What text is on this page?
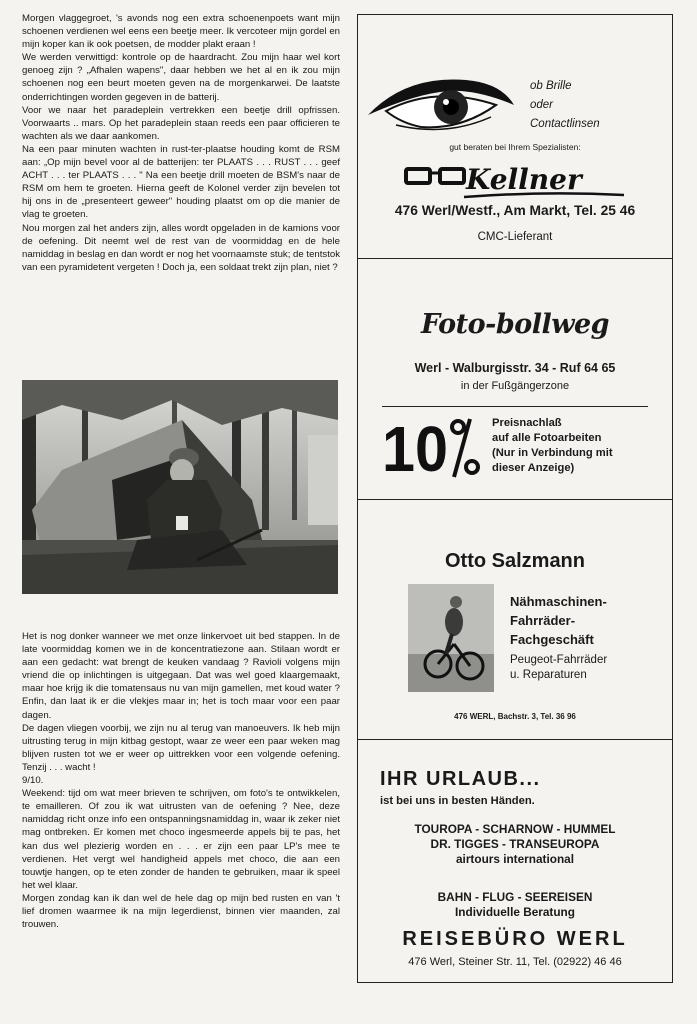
Morgen vlaggegroet, 's avonds nog een extra schoenenpoets want mijn schoenen verdienen wel eens een beetje meer. Ik vercoteer mijn gordel en mijn koper kan ik ook poetsen, de modder plakt eraan !
We werden verwittigd: kontrole op de haardracht. Zou mijn haar wel kort genoeg zijn ? „Afhalen wapens", daar hebben we het al en ik zou mijn schoenen nog een beurt moeten geven na de morgenkarwei. De laatste onderrichtingen worden gegeven in de batterij.
Voor we naar het paradeplein vertrekken een beetje drill opfrissen. Voorwaarts .. mars. Op het paradeplein staan reeds een paar officieren te wachten als we daar aankomen.
Na een paar minuten wachten in rust-ter-plaatse houding komt de RSM aan: „Op mijn bevel voor al de batterijen: ter PLAATS . . . RUST . . . geef ACHT . . . ter PLAATS . . . " Na een beetje drill moeten de BSM's naar de RSM om hem te groeten. Hierna geeft de Kolonel verder zijn bevelen tot hij ons in de „presenteert geweer" houding plaatst om op die manier de vlag te groeten.
Nou morgen zal het anders zijn, alles wordt opgeladen in de kamions voor de oefening. Dit neemt wel de rest van de voormiddag en de hele namiddag in beslag en dan wordt er nog het voornaamste stuk; de tentstok van een pyramidetent vergeten ! Doch ja, een soldaat trekt zijn plan, niet ?

Het is nog donker wanneer we met onze linkervoet uit bed stappen. In de late voormiddag komen we in de koncentratiezone aan. Stilaan wordt er aan een gedacht: wat brengt de keuken vandaag ? Ravioli volgens mijn vriend die op inlichtingen is uitgegaan. Dat was wel goed klaargemaakt, maar hoe krijg ik die tomatensaus nu van mijn gamellen, met koud water ? Enfin, dan laat ik er die vlekjes maar in; het is toch maar voor een paar dagen.
De dagen vliegen voorbij, we zijn nu al terug van manoeuvers. Ik heb mijn uitrusting terug in mijn kitbag gestopt, waar ze weer een paar weken mag blijven rusten tot we er weer op uittrekken voor een volgende oefening. Tenzij . . . wacht !
9/10.
Weekend: tijd om wat meer brieven te schrijven, om foto's te ontwikkelen, te emailleren. Of zou ik wat uitrusten van de oefening ? Nee, deze namiddag richt onze info een ontspanningsnamiddag in, waar ik zeker niet mag ontbreken. Er komen met choco ingesmeerde appels bij te pas, het kan dus wel plezierig worden en . . . er zijn een paar LP's mee te verdienen. Het vergt wel handigheid appels met choco, die aan een touwtje hangen, op te eten zonder de handen te gebruiken, maar ik speel het wel klaar.
Morgen zondag kan ik dan wel de hele dag op mijn bed rusten en van 't lief dromen waarmee ik na mijn legerdienst, binnen vier maanden, zal trouwen.

ob Brille
oder
Contactlinsen
gut beraten bei Ihrem Spezialisten:
Kellner
476 Werl/Westf., Am Markt, Tel. 25 46
CMC-Lieferant
Foto-bollweg
Werl - Walburgisstr. 34 - Ruf 64 65
in der Fußgängerzone
10	Preisnachlaß
auf alle Fotoarbeiten
(Nur in Verbindung mit
dieser Anzeige)
Otto Salzmann
Nähmaschinen-
Fahrräder-
Fachgeschäft
Peugeot-Fahrräder
u. Reparaturen
476 WERL, Bachstr. 3, Tel. 36 96
IHR URLAUB...
ist bei uns in besten Händen.
TOUROPA - SCHARNOW - HUMMEL
DR. TIGGES - TRANSEUROPA
airtours international
BAHN - FLUG - SEEREISEN
Individuelle Beratung
REISEBÜRO WERL
476 Werl, Steiner Str. 11, Tel. (02922) 46 46
